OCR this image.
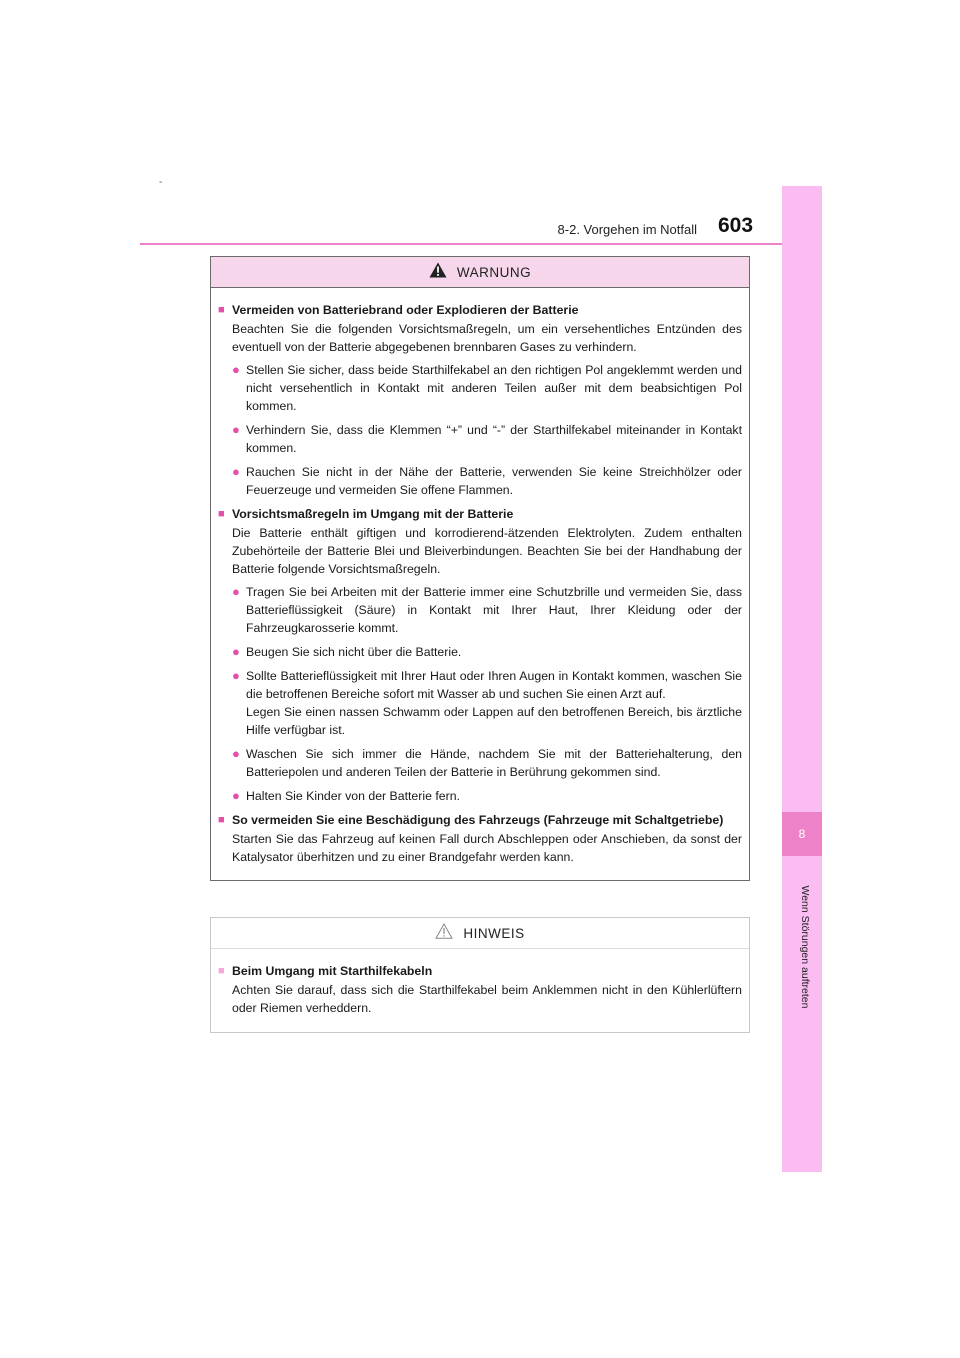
-
8-2. Vorgehen im Notfall 603
8
Wenn Störungen auftreten
WARNUNG
■ Vermeiden von Batteriebrand oder Explodieren der Batterie
Beachten Sie die folgenden Vorsichtsmaßregeln, um ein versehentliches Entzünden des eventuell von der Batterie abgegebenen brennbaren Gases zu verhindern.
● Stellen Sie sicher, dass beide Starthilfekabel an den richtigen Pol angeklemmt werden und nicht versehentlich in Kontakt mit anderen Teilen außer mit dem beabsichtigen Pol kommen.
● Verhindern Sie, dass die Klemmen “+” und “-” der Starthilfekabel miteinander in Kontakt kommen.
● Rauchen Sie nicht in der Nähe der Batterie, verwenden Sie keine Streichhölzer oder Feuerzeuge und vermeiden Sie offene Flammen.
■ Vorsichtsmaßregeln im Umgang mit der Batterie
Die Batterie enthält giftigen und korrodierend-ätzenden Elektrolyten. Zudem enthalten Zubehörteile der Batterie Blei und Bleiverbindungen. Beachten Sie bei der Handhabung der Batterie folgende Vorsichtsmaßregeln.
● Tragen Sie bei Arbeiten mit der Batterie immer eine Schutzbrille und vermeiden Sie, dass Batterieflüssigkeit (Säure) in Kontakt mit Ihrer Haut, Ihrer Kleidung oder der Fahrzeugkarosserie kommt.
● Beugen Sie sich nicht über die Batterie.
● Sollte Batterieflüssigkeit mit Ihrer Haut oder Ihren Augen in Kontakt kommen, waschen Sie die betroffenen Bereiche sofort mit Wasser ab und suchen Sie einen Arzt auf.
Legen Sie einen nassen Schwamm oder Lappen auf den betroffenen Bereich, bis ärztliche Hilfe verfügbar ist.
● Waschen Sie sich immer die Hände, nachdem Sie mit der Batteriehalterung, den Batteriepolen und anderen Teilen der Batterie in Berührung gekommen sind.
● Halten Sie Kinder von der Batterie fern.
■ So vermeiden Sie eine Beschädigung des Fahrzeugs (Fahrzeuge mit Schaltgetriebe)
Starten Sie das Fahrzeug auf keinen Fall durch Abschleppen oder Anschieben, da sonst der Katalysator überhitzen und zu einer Brandgefahr werden kann.
HINWEIS
■ Beim Umgang mit Starthilfekabeln
Achten Sie darauf, dass sich die Starthilfekabel beim Anklemmen nicht in den Kühlerlüftern oder Riemen verheddern.
